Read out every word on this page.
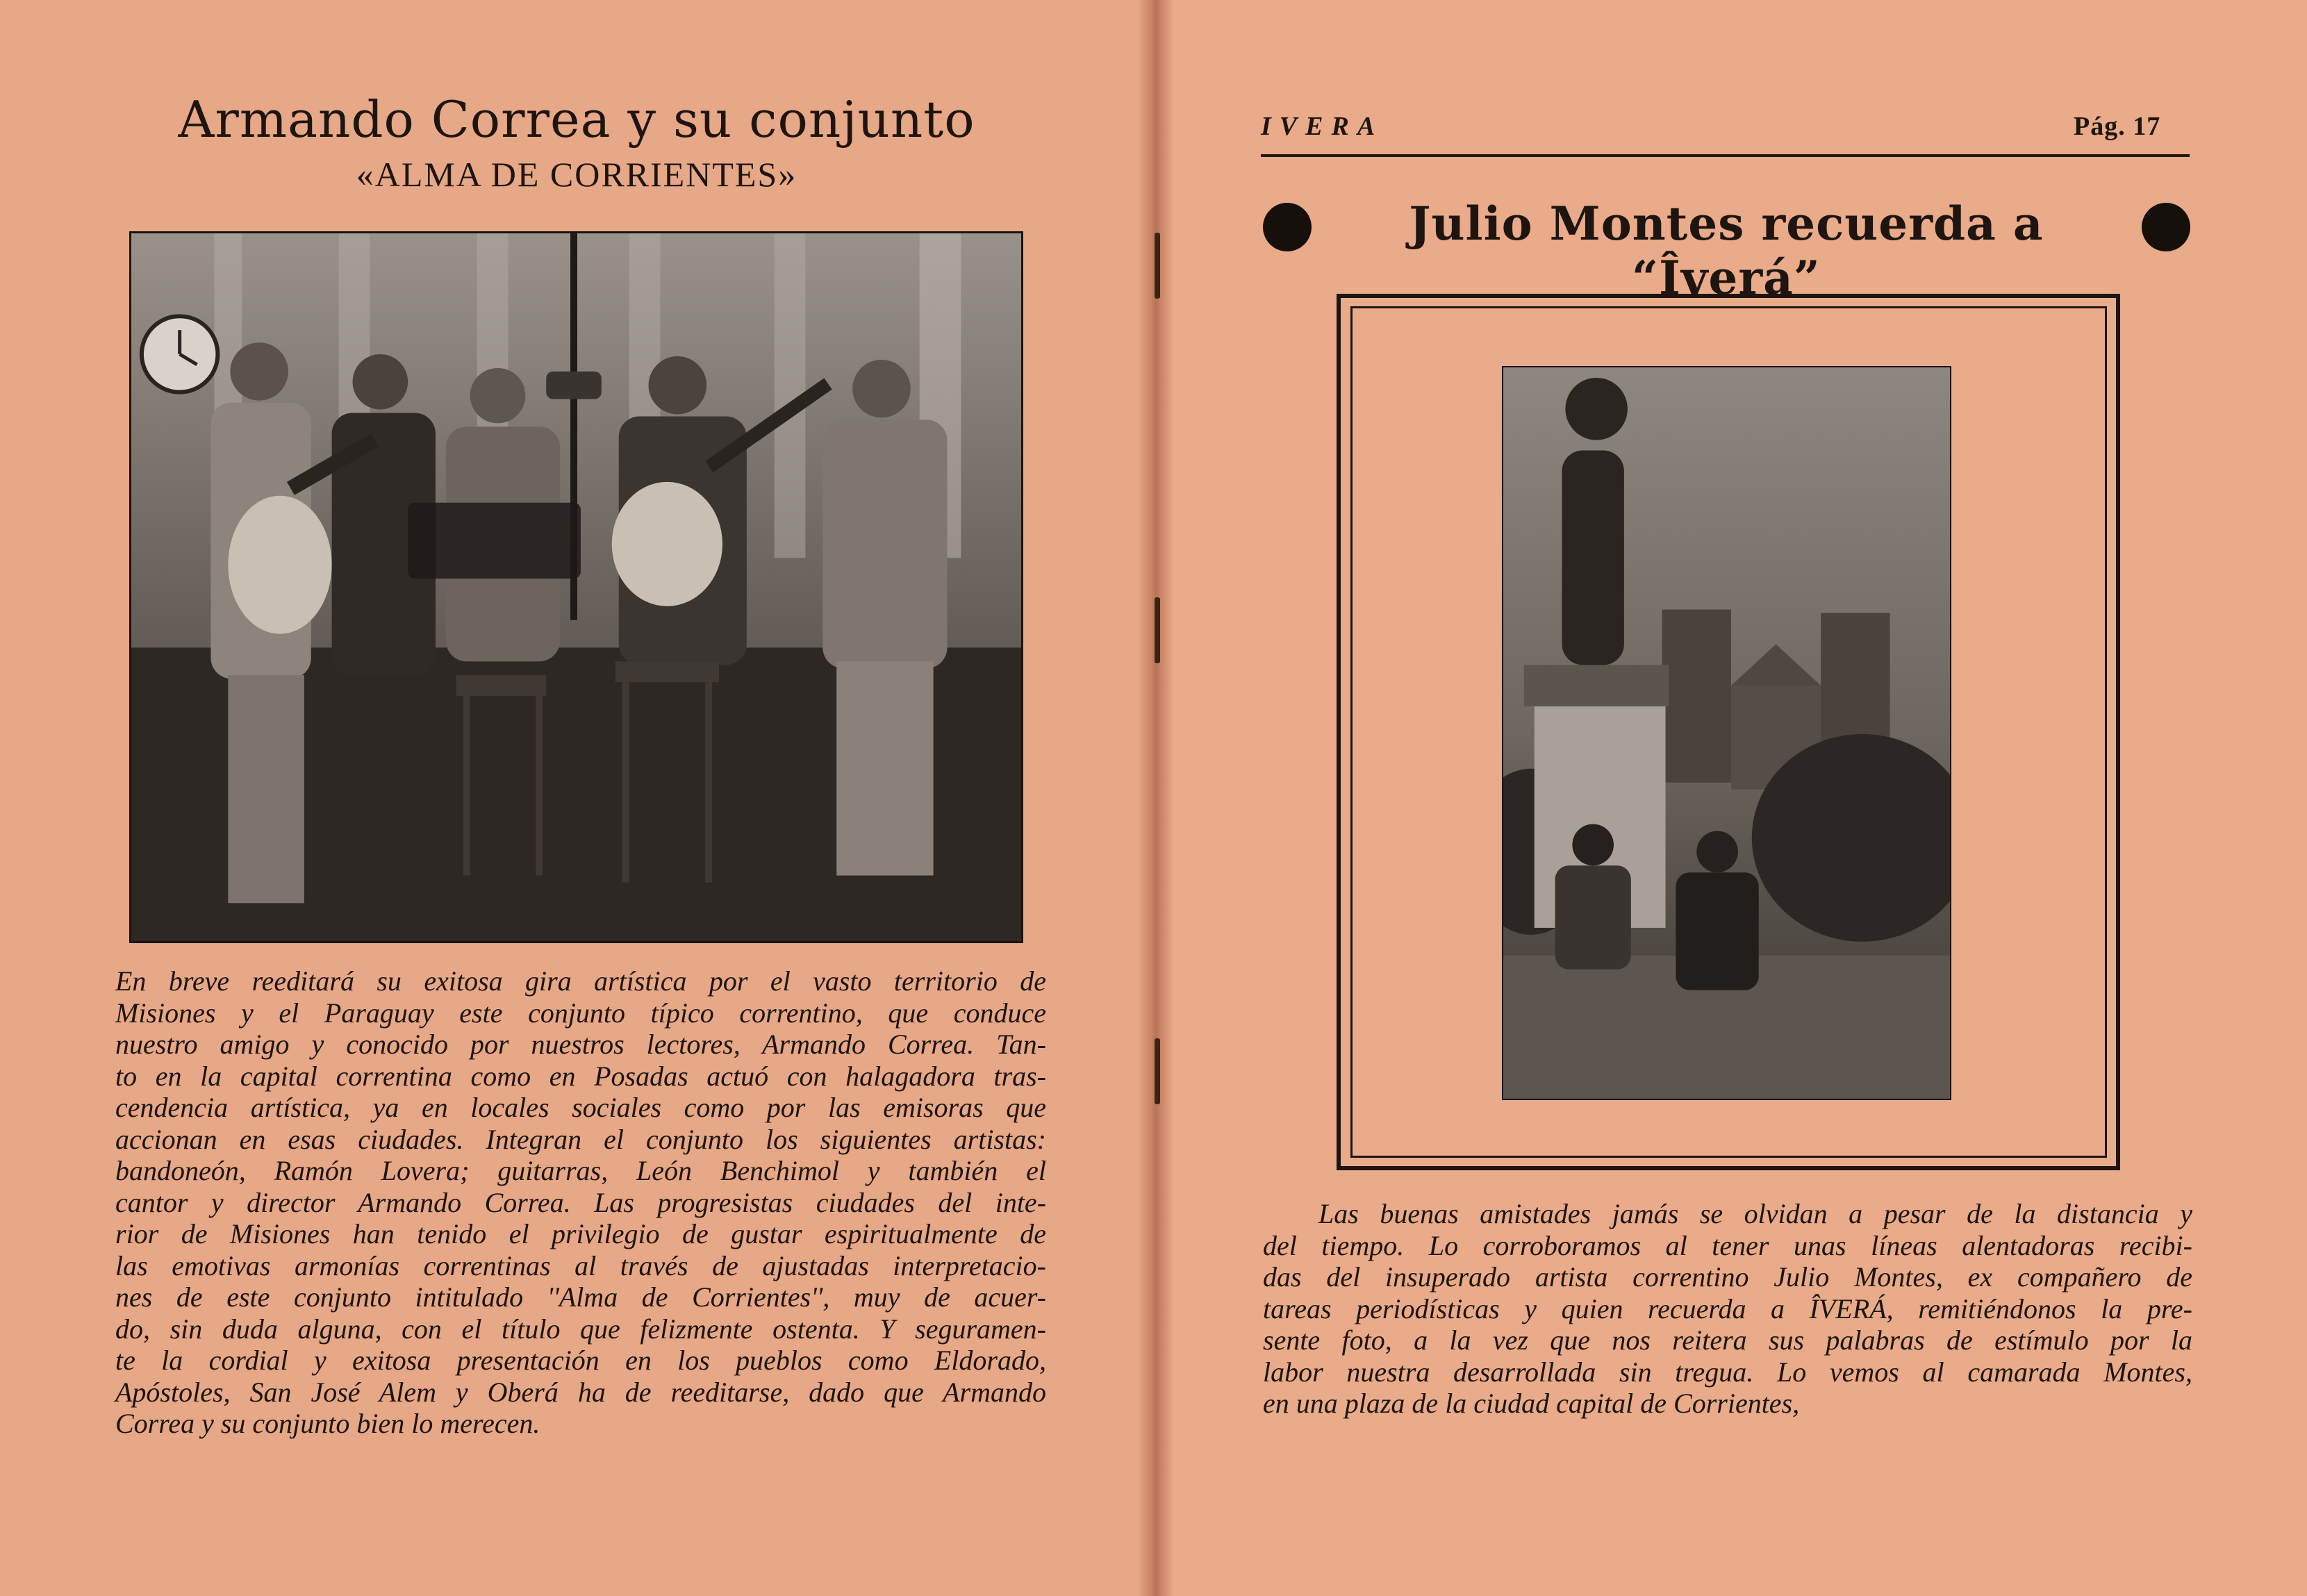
Armando Correa y su conjunto
«ALMA DE CORRIENTES»
En breve reeditará su exitosa gira artística por el vasto territorio de
Misiones y el Paraguay este conjunto típico correntino, que conduce
nuestro amigo y conocido por nuestros lectores, Armando Correa. Tan-
to en la capital correntina como en Posadas actuó con halagadora tras-
cendencia artística, ya en locales sociales como por las emisoras que
accionan en esas ciudades. Integran el conjunto los siguientes artistas:
bandoneón, Ramón Lovera; guitarras, León Benchimol y también el
cantor y director Armando Correa. Las progresistas ciudades del inte-
rior de Misiones han tenido el privilegio de gustar espiritualmente de
las emotivas armonías correntinas al través de ajustadas interpretacio-
nes de este conjunto intitulado ''Alma de Corrientes'', muy de acuer-
do, sin duda alguna, con el título que felizmente ostenta. Y seguramen-
te la cordial y exitosa presentación en los pueblos como Eldorado,
Apóstoles, San José Alem y Oberá ha de reeditarse, dado que Armando
Correa y su conjunto bien lo merecen.
IVERA	Pág. 17
Julio Montes recuerda a “Îverá”
Las buenas amistades jamás se olvidan a pesar de la distancia y
del tiempo. Lo corroboramos al tener unas líneas alentadoras recibi-
das del insuperado artista correntino Julio Montes, ex compañero de
tareas periodísticas y quien recuerda a ÎVERÁ, remitiéndonos la pre-
sente foto, a la vez que nos reitera sus palabras de estímulo por la
labor nuestra desarrollada sin tregua. Lo vemos al camarada Montes,
en una plaza de la ciudad capital de Corrientes,
